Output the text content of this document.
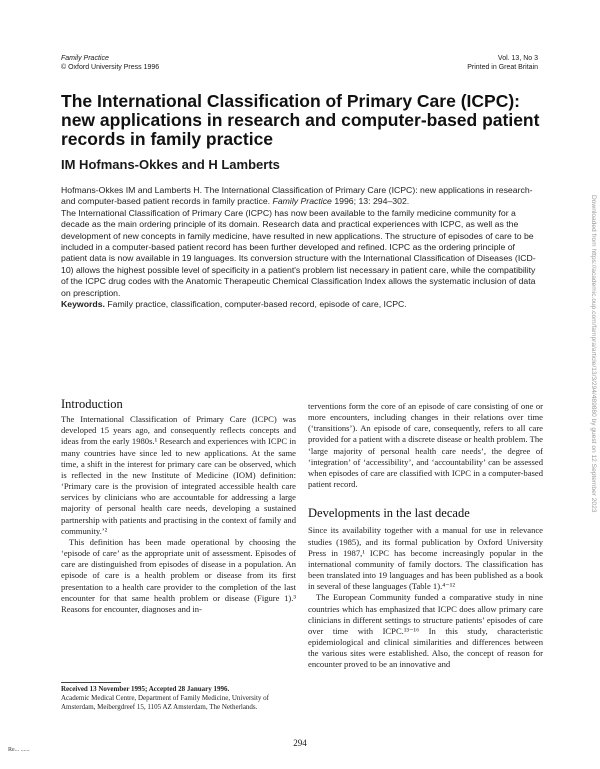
Family Practice
© Oxford University Press 1996
Vol. 13, No 3
Printed in Great Britain
The International Classification of Primary Care (ICPC): new applications in research and computer-based patient records in family practice
IM Hofmans-Okkes and H Lamberts

Hofmans-Okkes IM and Lamberts H. The International Classification of Primary Care (ICPC): new applications in research- and computer-based patient records in family practice. Family Practice 1996; 13: 294–302.

The International Classification of Primary Care (ICPC) has now been available to the family medicine community for a decade as the main ordering principle of its domain. Research data and practical experiences with ICPC, as well as the development of new concepts in family medicine, have resulted in new applications. The structure of episodes of care to be included in a computer-based patient record has been further developed and refined. ICPC as the ordering principle of patient data is now available in 19 languages. Its conversion structure with the International Classification of Diseases (ICD-10) allows the highest possible level of specificity in a patient's problem list necessary in patient care, while the compatibility of the ICPC drug codes with the Anatomic Therapeutic Chemical Classification Index allows the systematic inclusion of data on prescription.

Keywords. Family practice, classification, computer-based record, episode of care, ICPC.

Introduction

The International Classification of Primary Care (ICPC) was developed 15 years ago, and consequently reflects concepts and ideas from the early 1980s.¹ Research and experiences with ICPC in many countries have since led to new applications. At the same time, a shift in the interest for primary care can be observed, which is reflected in the new Institute of Medicine (IOM) definition: ‘Primary care is the provision of integrated accessible health care services by clinicians who are accountable for addressing a large majority of personal health care needs, developing a sustained partnership with patients and practising in the context of family and community.’²

This definition has been made operational by choosing the ‘episode of care’ as the appropriate unit of assessment. Episodes of care are distinguished from episodes of disease in a population. An episode of care is a health problem or disease from its first presentation to a health care provider to the completion of the last encounter for that same health problem or disease (Figure 1).³ Reasons for encounter, diagnoses and in-

Received 13 November 1995; Accepted 28 January 1996.
Academic Medical Centre, Department of Family Medicine, University of Amsterdam, Meibergdreef 15, 1105 AZ Amsterdam, The Netherlands.

terventions form the core of an episode of care consisting of one or more encounters, including changes in their relations over time (‘transitions’). An episode of care, consequently, refers to all care provided for a patient with a discrete disease or health problem. The ‘large majority of personal health care needs’, the degree of ‘integration’ of ‘accessibility’, and ‘accountability’ can be assessed when episodes of care are classified with ICPC in a computer-based patient record.

Developments in the last decade

Since its availability together with a manual for use in relevance studies (1985), and its formal publication by Oxford University Press in 1987,¹ ICPC has become increasingly popular in the international community of family doctors. The classification has been translated into 19 languages and has been published as a book in several of these languages (Table 1).⁴⁻¹²

The European Community funded a comparative study in nine countries which has emphasized that ICPC does allow primary care clinicians in different settings to structure patients’ episodes of care over time with ICPC.¹³⁻¹⁶ In this study, characteristic epidemiological and clinical similarities and differences between the various sites were established. Also, the concept of reason for encounter proved to be an innovative and

294
Re... ......
Downloaded from https://academic.oup.com/fampra/article/13/3/294/489880 by guest on 12 September 2023
